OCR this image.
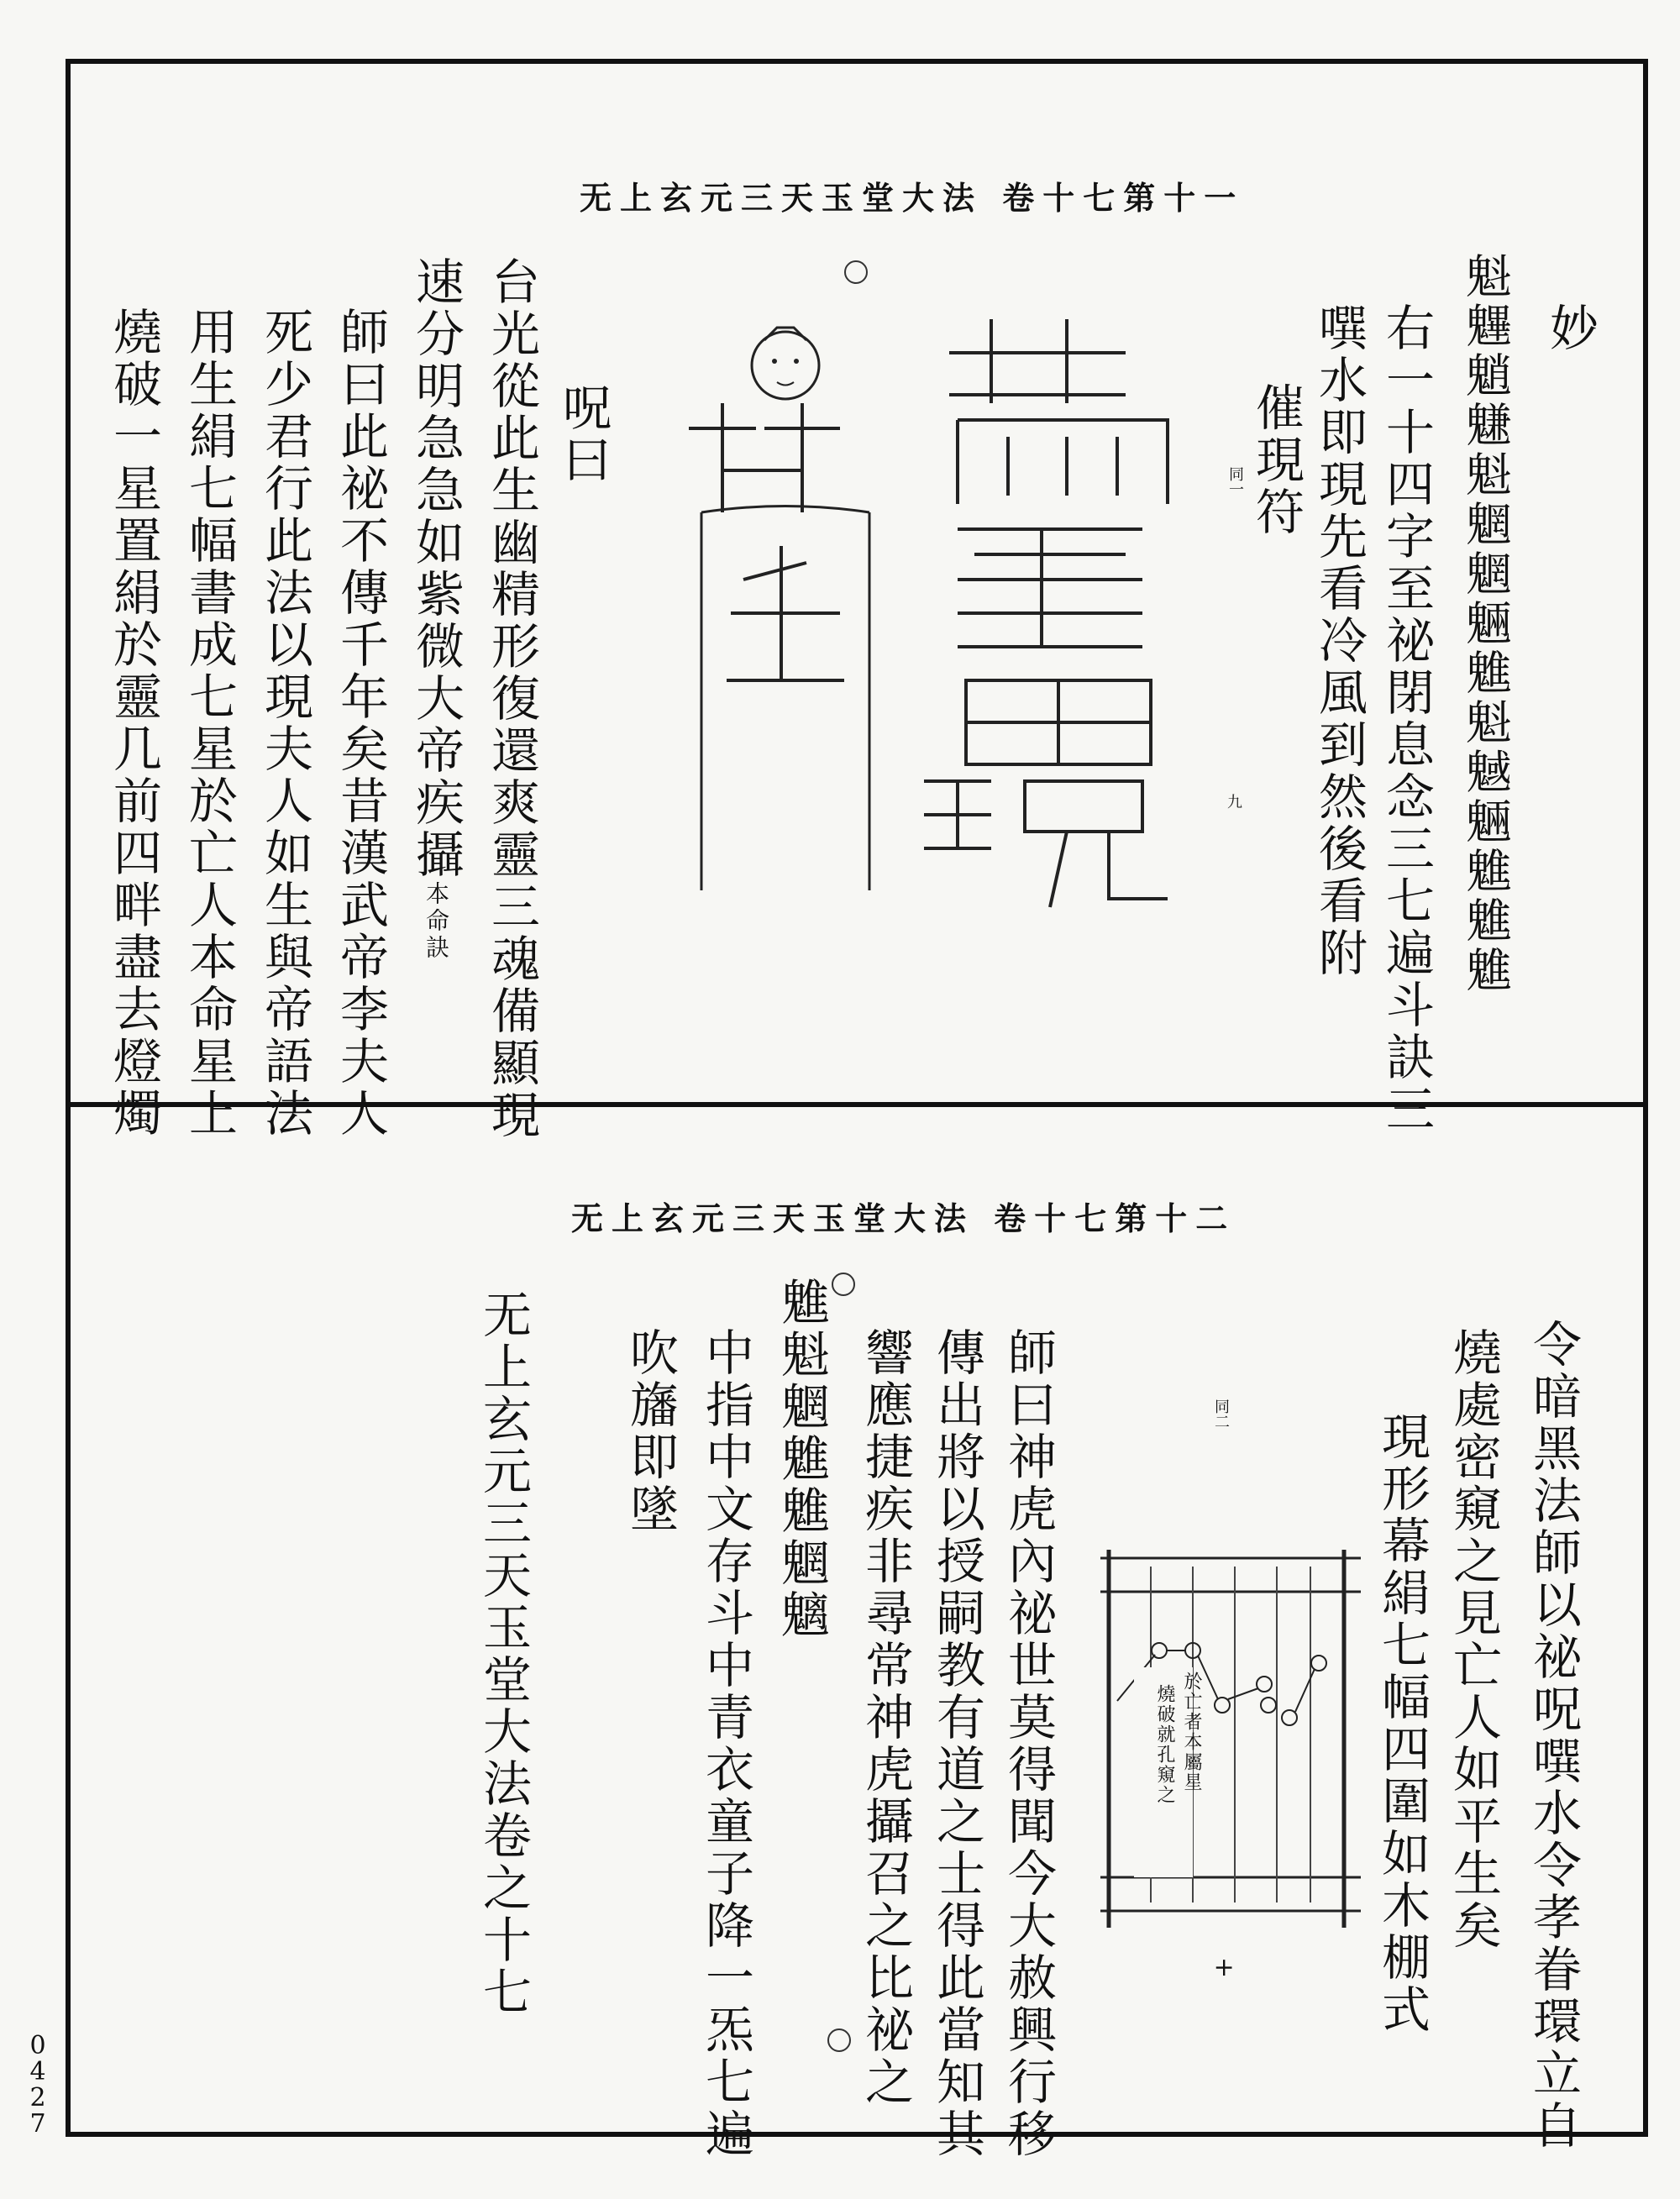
无上玄元三天玉堂大法 卷十七第十一
妙
魁魓魈魐魁魍魍魎魋魁魊魎魋魋魋
右一十四字至祕閉息念三七遍斗訣三
噀水即現先看冷風到然後看附
催現符
同一
九
呪曰
台光從此生幽精形復還爽靈三魂備顯現
速分明急急如紫微大帝疾攝本命訣
師曰此祕不傳千年矣昔漢武帝李夫人
死少君行此法以現夫人如生與帝語法
用生絹七幅書成七星於亡人本命星上
燒破一星置絹於靈几前四畔盡去燈燭
无上玄元三天玉堂大法 卷十七第十二
令暗黑法師以祕呪噀水令孝眷環立自
燒處密窺之見亡人如平生矣
現形幕絹七幅四圍如木棚式
同二
於亡者本屬星
燒破就孔窺之
+
師曰神虎內祕世莫得聞今大赦興行移
傳出將以授嗣教有道之士得此當知其
響應捷疾非尋常神虎攝召之比祕之
魋魁魍魋魋魍魑
中指中文存斗中青衣童子降一炁七遍
吹旛即墜
无上玄元三天玉堂大法卷之十七
0
4
2
7
